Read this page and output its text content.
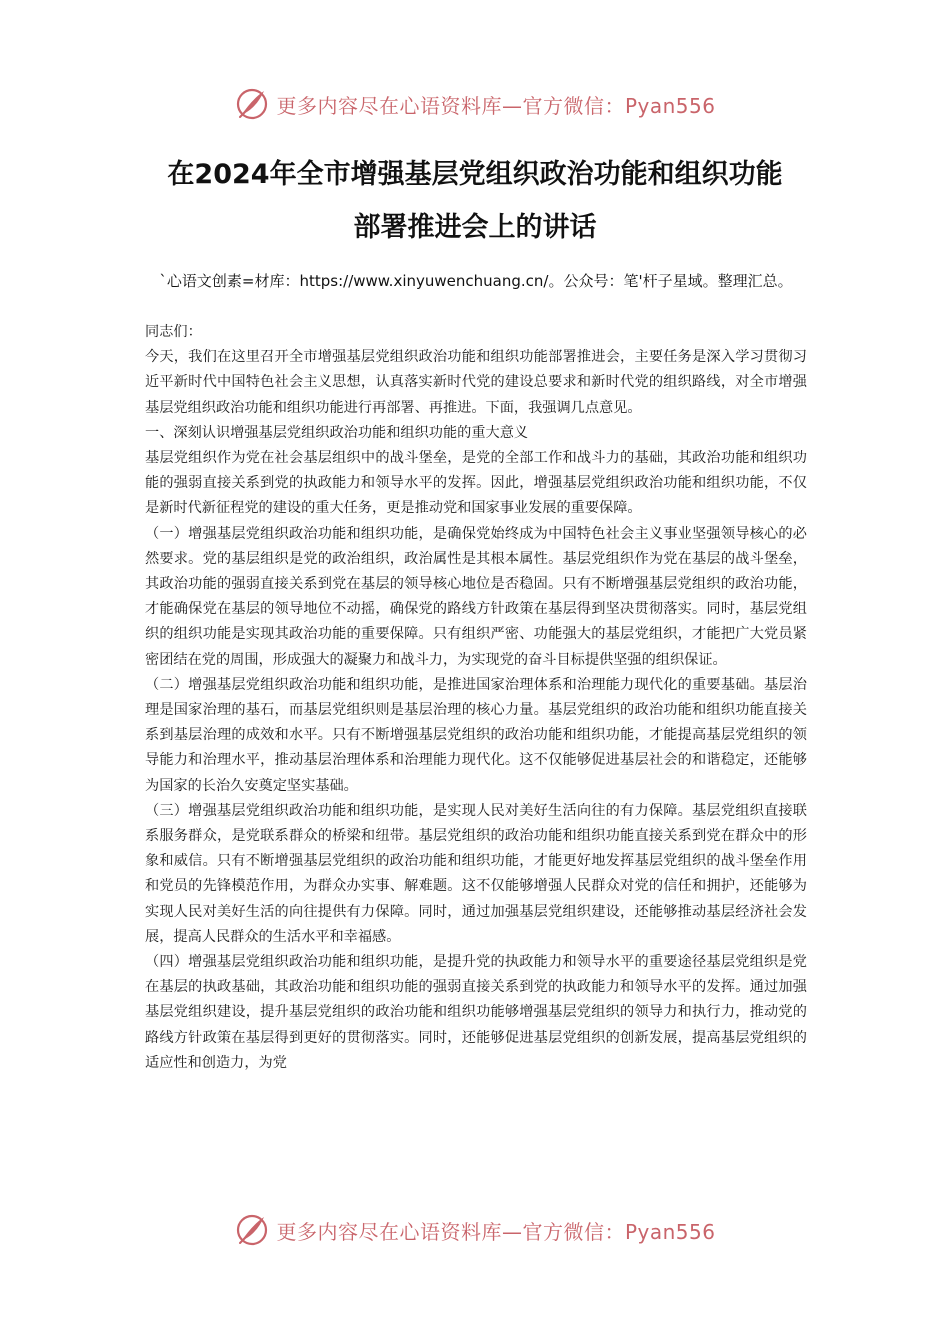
更多内容尽在心语资料库—官方微信：Pyan556
在2024年全市增强基层党组织政治功能和组织功能
部署推进会上的讲话
`心语文创素=材库：https://www.xinyuwenchuang.cn/。公众号：笔'杆子星域。整理汇总。

同志们：

今天，我们在这里召开全市增强基层党组织政治功能和组织功能部署推进会，主要任务是深入学习贯彻习近平新时代中国特色社会主义思想，认真落实新时代党的建设总要求和新时代党的组织路线，对全市增强基层党组织政治功能和组织功能进行再部署、再推进。下面，我强调几点意见。

一、深刻认识增强基层党组织政治功能和组织功能的重大意义

基层党组织作为党在社会基层组织中的战斗堡垒，是党的全部工作和战斗力的基础，其政治功能和组织功能的强弱直接关系到党的执政能力和领导水平的发挥。因此，增强基层党组织政治功能和组织功能，不仅是新时代新征程党的建设的重大任务，更是推动党和国家事业发展的重要保障。

（一）增强基层党组织政治功能和组织功能，是确保党始终成为中国特色社会主义事业坚强领导核心的必然要求。党的基层组织是党的政治组织，政治属性是其根本属性。基层党组织作为党在基层的战斗堡垒，其政治功能的强弱直接关系到党在基层的领导核心地位是否稳固。只有不断增强基层党组织的政治功能，才能确保党在基层的领导地位不动摇，确保党的路线方针政策在基层得到坚决贯彻落实。同时，基层党组织的组织功能是实现其政治功能的重要保障。只有组织严密、功能强大的基层党组织，才能把广大党员紧密团结在党的周围，形成强大的凝聚力和战斗力，为实现党的奋斗目标提供坚强的组织保证。

（二）增强基层党组织政治功能和组织功能，是推进国家治理体系和治理能力现代化的重要基础。基层治理是国家治理的基石，而基层党组织则是基层治理的核心力量。基层党组织的政治功能和组织功能直接关系到基层治理的成效和水平。只有不断增强基层党组织的政治功能和组织功能，才能提高基层党组织的领导能力和治理水平，推动基层治理体系和治理能力现代化。这不仅能够促进基层社会的和谐稳定，还能够为国家的长治久安奠定坚实基础。

（三）增强基层党组织政治功能和组织功能，是实现人民对美好生活向往的有力保障。基层党组织直接联系服务群众，是党联系群众的桥梁和纽带。基层党组织的政治功能和组织功能直接关系到党在群众中的形象和威信。只有不断增强基层党组织的政治功能和组织功能，才能更好地发挥基层党组织的战斗堡垒作用和党员的先锋模范作用，为群众办实事、解难题。这不仅能够增强人民群众对党的信任和拥护，还能够为实现人民对美好生活的向往提供有力保障。同时，通过加强基层党组织建设，还能够推动基层经济社会发展，提高人民群众的生活水平和幸福感。

（四）增强基层党组织政治功能和组织功能，是提升党的执政能力和领导水平的重要途径基层党组织是党在基层的执政基础，其政治功能和组织功能的强弱直接关系到党的执政能力和领导水平的发挥。通过加强基层党组织建设，提升基层党组织的政治功能和组织功能够增强基层党组织的领导力和执行力，推动党的路线方针政策在基层得到更好的贯彻落实。同时，还能够促进基层党组织的创新发展，提高基层党组织的适应性和创造力，为党

更多内容尽在心语资料库—官方微信：Pyan556
